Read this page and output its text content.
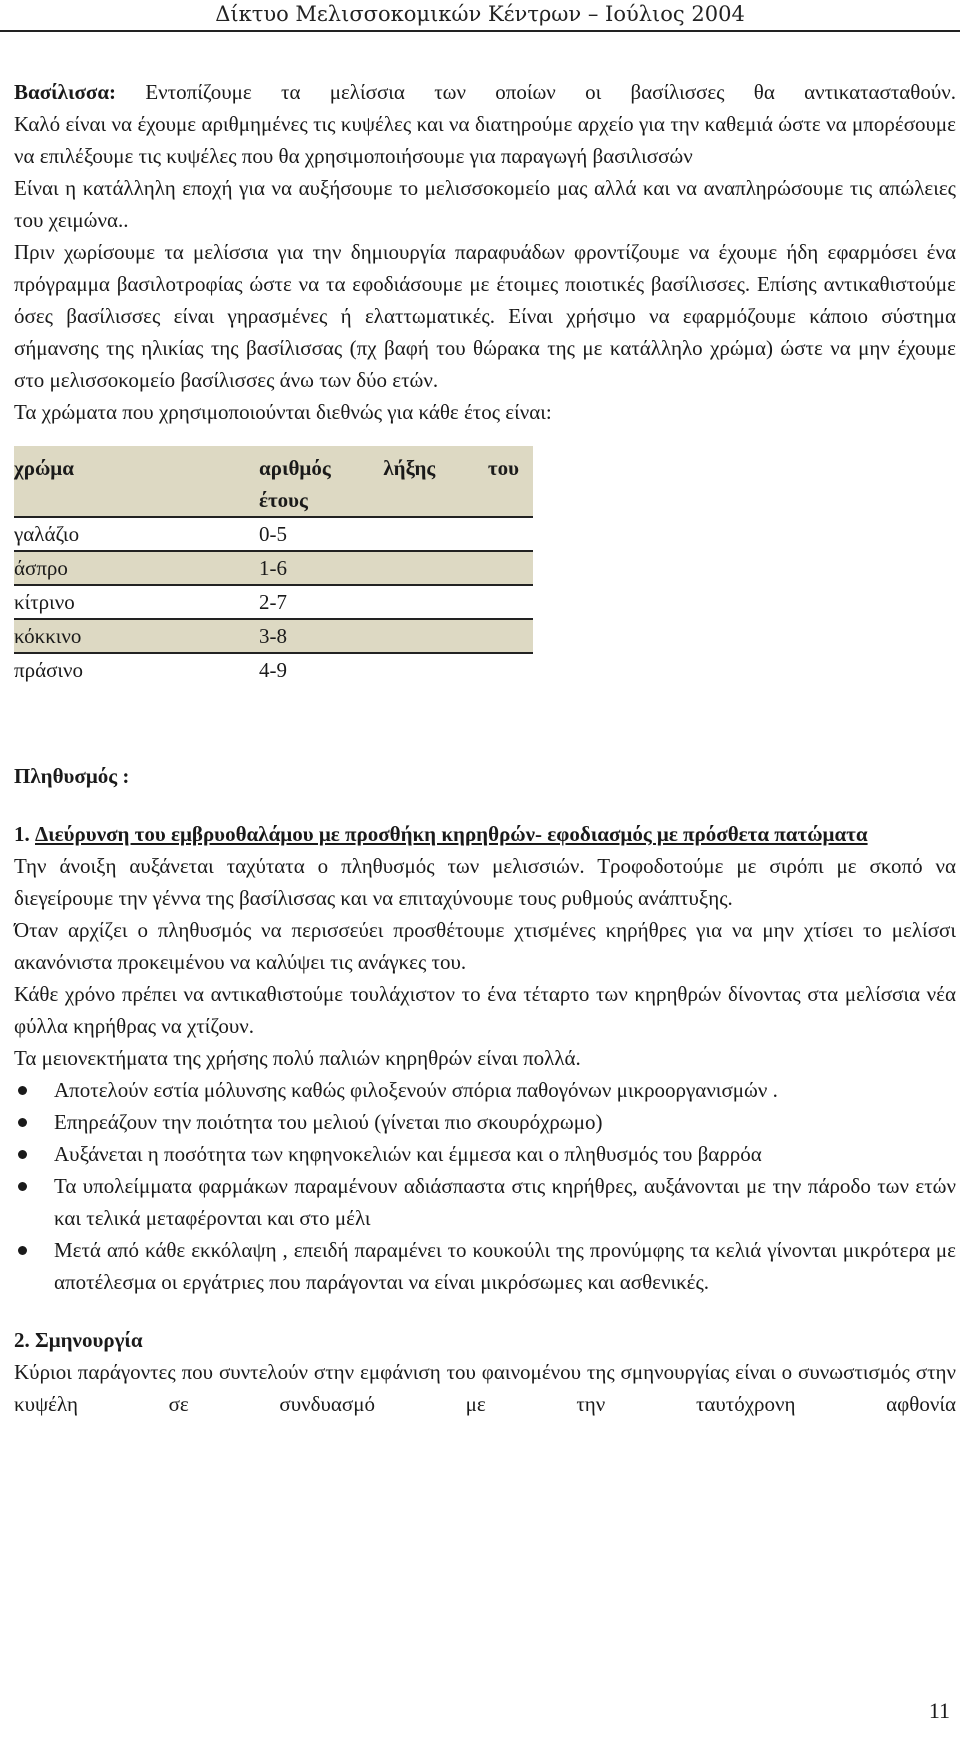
Δίκτυο Μελισσοκομικών Κέντρων – Ιούλιος 2004

Βασίλισσα: Εντοπίζουμε τα μελίσσια των οποίων οι βασίλισσες θα αντικατασταθούν.

Καλό είναι να έχουμε αριθμημένες τις κυψέλες και να διατηρούμε αρχείο για την καθεμιά ώστε να μπορέσουμε να επιλέξουμε τις κυψέλες που θα χρησιμοποιήσουμε για παραγωγή βασιλισσών

Είναι η κατάλληλη εποχή για να αυξήσουμε το μελισσοκομείο μας αλλά και να αναπληρώσουμε τις απώλειες του χειμώνα..

Πριν χωρίσουμε τα μελίσσια για την δημιουργία παραφυάδων φροντίζουμε να έχουμε ήδη εφαρμόσει ένα πρόγραμμα βασιλοτροφίας ώστε να τα εφοδιάσουμε με έτοιμες ποιοτικές βασίλισσες. Επίσης αντικαθιστούμε όσες βασίλισσες είναι γηρασμένες ή ελαττωματικές. Είναι χρήσιμο να εφαρμόζουμε κάποιο σύστημα σήμανσης της ηλικίας της βασίλισσας (πχ βαφή του θώρακα της με κατάλληλο χρώμα) ώστε να μην έχουμε στο μελισσοκομείο βασίλισσες άνω των δύο ετών.

Τα χρώματα που χρησιμοποιούνται διεθνώς για κάθε έτος είναι:

χρώμα	αριθμός λήξης του
έτους

γαλάζιο	0-5
άσπρο	1-6
κίτρινο	2-7
κόκκινο	3-8
πράσινο	4-9

Πληθυσμός :

1. Διεύρυνση του εμβρυοθαλάμου με προσθήκη κηρηθρών- εφοδιασμός με πρόσθετα πατώματα

Την άνοιξη αυξάνεται ταχύτατα ο πληθυσμός των μελισσιών. Τροφοδοτούμε με σιρόπι με σκοπό να διεγείρουμε την γέννα της βασίλισσας και να επιταχύνουμε τους ρυθμούς ανάπτυξης.

Όταν αρχίζει ο πληθυσμός να περισσεύει προσθέτουμε χτισμένες κηρήθρες για να μην χτίσει το μελίσσι ακανόνιστα προκειμένου να καλύψει τις ανάγκες του.

Κάθε χρόνο πρέπει να αντικαθιστούμε τουλάχιστον το ένα τέταρτο των κηρηθρών δίνοντας στα μελίσσια νέα φύλλα κηρήθρας να χτίζουν.

Τα μειονεκτήματα της χρήσης πολύ παλιών κηρηθρών είναι πολλά.

Αποτελούν εστία μόλυνσης καθώς φιλοξενούν σπόρια παθογόνων μικροοργανισμών .
Επηρεάζουν την ποιότητα του μελιού (γίνεται πιο σκουρόχρωμο)
Αυξάνεται η ποσότητα των κηφηνοκελιών και έμμεσα και ο πληθυσμός του βαρρόα
Τα υπολείμματα φαρμάκων παραμένουν αδιάσπαστα στις κηρήθρες, αυξάνονται με την πάροδο των ετών και τελικά μεταφέρονται και στο μέλι
Μετά από κάθε εκκόλαψη , επειδή παραμένει το κουκούλι της προνύμφης τα κελιά γίνονται μικρότερα με αποτέλεσμα οι εργάτριες που παράγονται να είναι μικρόσωμες και ασθενικές.

2. Σμηνουργία

Κύριοι παράγοντες που συντελούν στην εμφάνιση του φαινομένου της σμηνουργίας είναι ο συνωστισμός στην κυψέλη σε συνδυασμό με την ταυτόχρονη αφθονία

11
